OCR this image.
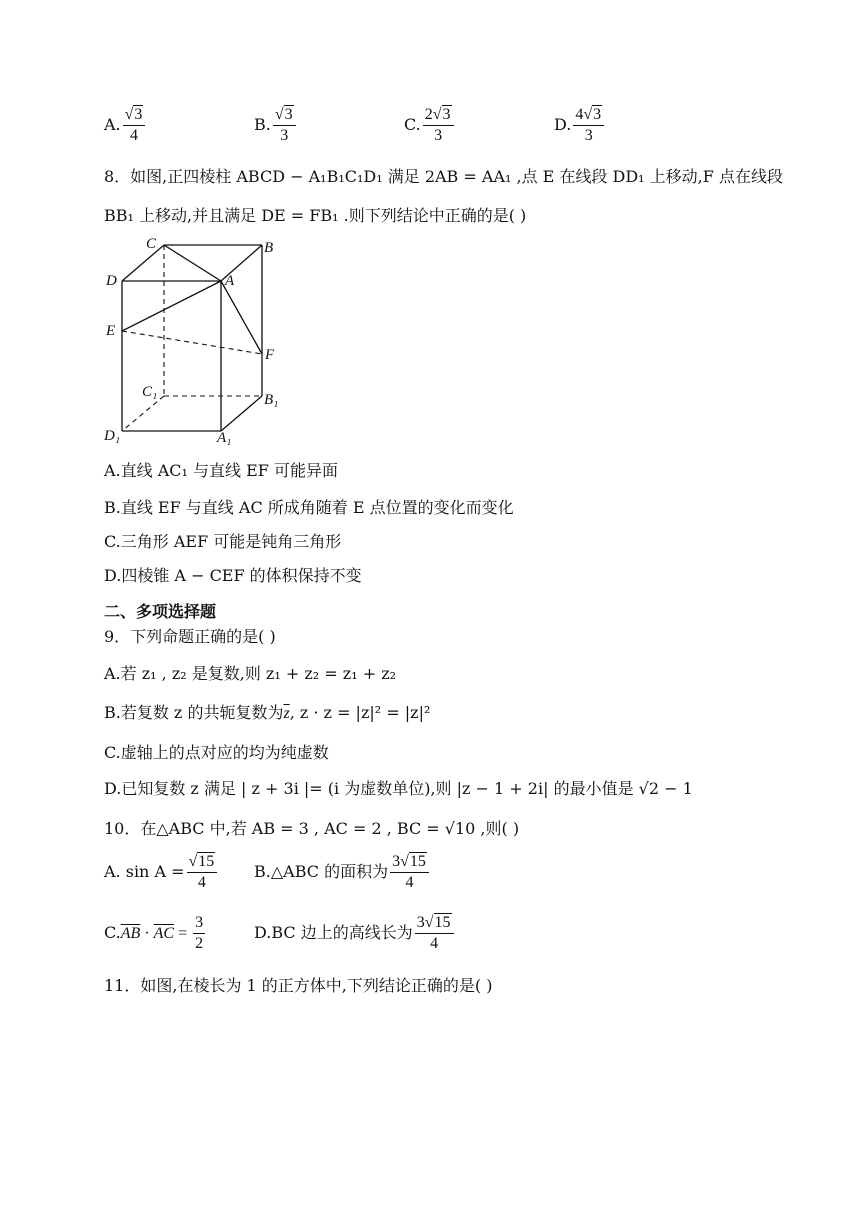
A. $\frac{√3}{4}$	B. $\frac{√3}{3}$	C. $\frac{2√3}{3}$	D. $\frac{4√3}{3}$
8．如图,正四棱柱 ABCD − A₁B₁C₁D₁ 满足 2AB = AA₁ ,点 E 在线段 DD₁ 上移动,F 点在线段
BB₁ 上移动,并且满足 DE = FB₁ .则下列结论中正确的是( )
C	B
D	A
E
F
C₁	B₁
D₁	A₁
A.直线 AC₁ 与直线 EF 可能异面
B.直线 EF 与直线 AC 所成角随着 E 点位置的变化而变化
C.三角形 AEF 可能是钝角三角形
D.四棱锥 A − CEF 的体积保持不变
二、多项选择题
9．下列命题正确的是( )
A.若 z₁ , z₂ 是复数,则 z₁ + z₂ = z₁ + z₂
B.若复数 z 的共轭复数为$\overline{z}$, z · z = |z|² = |z|²
C.虚轴上的点对应的均为纯虚数
D.已知复数 z 满足 | z + 3i |= (i 为虚数单位),则 |z − 1 + 2i| 的最小值是 √2 − 1
10．在△ABC 中,若 AB = 3 , AC = 2 , BC = √10 ,则( )
A. $\sin A = \frac{√15}{4}$ B.△ABC 的面积为 $\frac{3√15}{4}$
$C.\overline{AB} \cdot \overline{AC} = \frac{3}{2}$	D.BC 边上的高线长为 $\frac{3√15}{4}$
11．如图,在棱长为 1 的正方体中,下列结论正确的是( )
